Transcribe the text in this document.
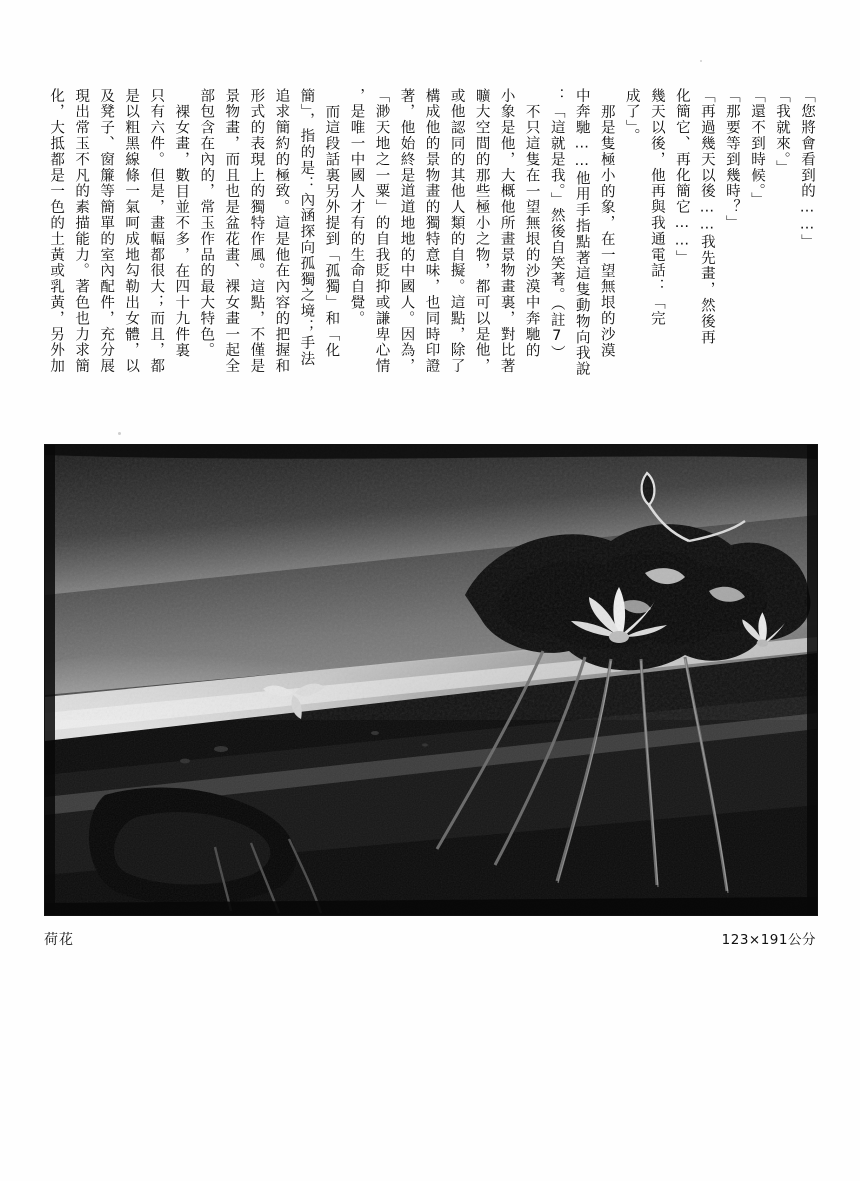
「您將會看到的……」
「我就來。」
「還不到時候。」
「那要等到幾時？」
「再過幾天以後……我先畫，然後再
化簡它、再化簡它……」
幾天以後，他再與我通電話：「完
成了」。
那是隻極小的象，在一望無垠的沙漠
中奔馳……他用手指點著這隻動物向我說
：「這就是我。」然後自笑著。（註7）
不只這隻在一望無垠的沙漠中奔馳的
小象是他，大概他所畫景物畫裏，對比著
曠大空間的那些極小之物，都可以是他，
或他認同的其他人類的自擬。這點，除了
構成他的景物畫的獨特意味，也同時印證
著，他始終是道道地地的中國人。因為，
「渺天地之一粟」的自我貶抑或謙卑心情
，是唯一中國人才有的生命自覺。
而這段話裏另外提到「孤獨」和「化
簡」，指的是：內涵探向孤獨之境；手法
追求簡約的極致。這是他在內容的把握和
形式的表現上的獨特作風。這點，不僅是
景物畫，而且也是盆花畫、裸女畫一起全
部包含在內的，常玉作品的最大特色。
裸女畫，數目並不多，在四十九件裏
只有六件。但是，畫幅都很大；而且，都
是以粗黑線條一氣呵成地勾勒出女體，以
及凳子、窗簾等簡單的室內配件，充分展
現出常玉不凡的素描能力。著色也力求簡
化，大抵都是一色的土黃或乳黃，另外加
荷花	123×191公分
